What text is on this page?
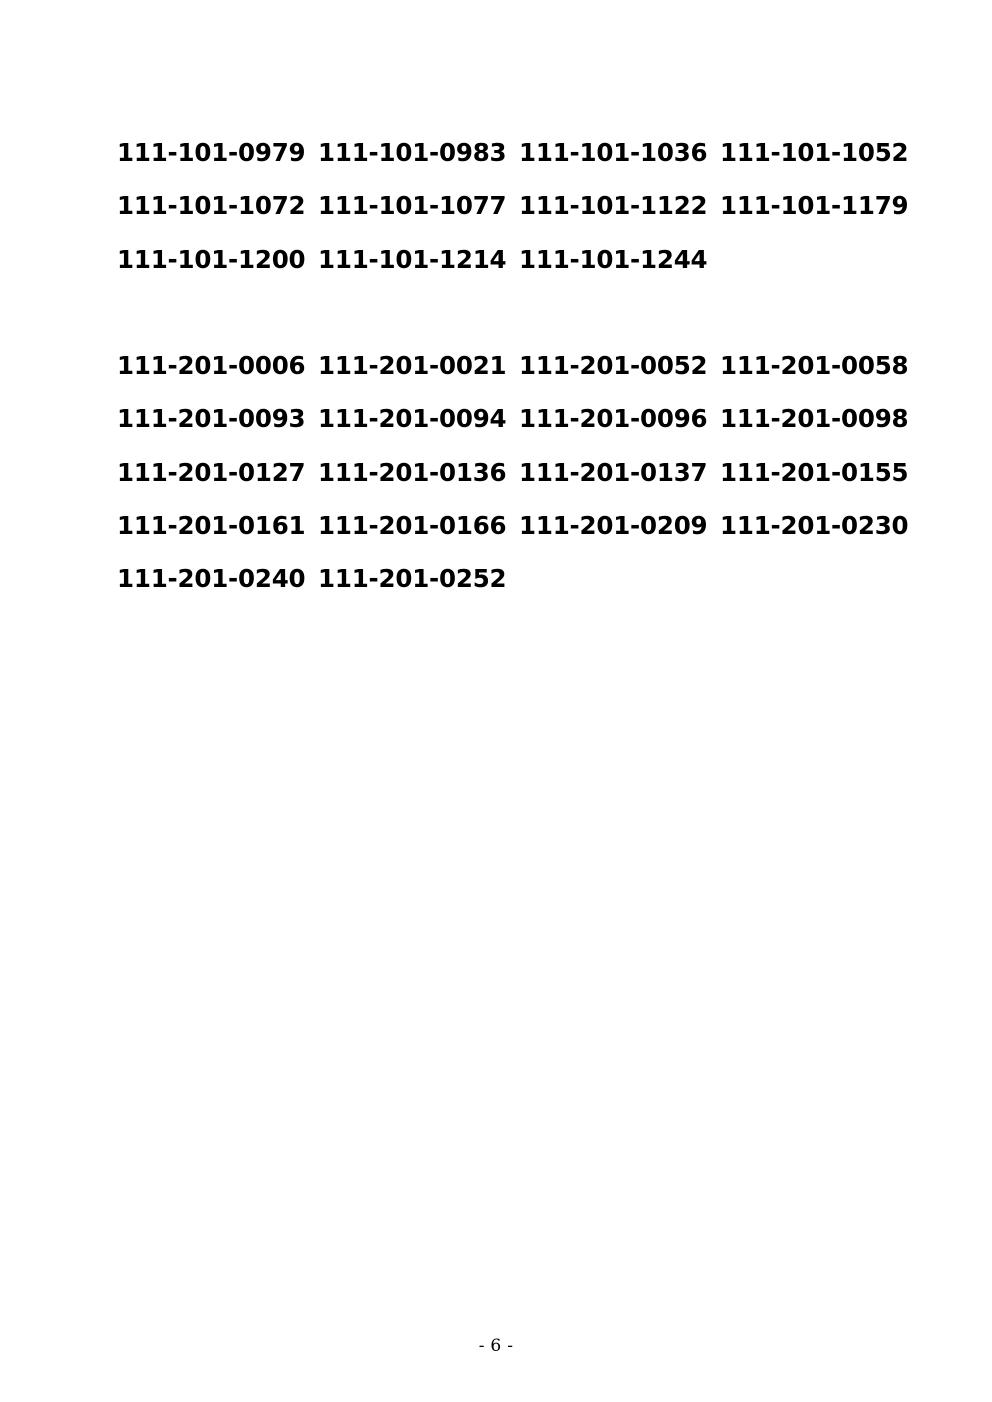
111-101-0979 111-101-0983 111-101-1036 111-101-1052
111-101-1072 111-101-1077 111-101-1122 111-101-1179
111-101-1200 111-101-1214 111-101-1244
111-201-0006 111-201-0021 111-201-0052 111-201-0058
111-201-0093 111-201-0094 111-201-0096 111-201-0098
111-201-0127 111-201-0136 111-201-0137 111-201-0155
111-201-0161 111-201-0166 111-201-0209 111-201-0230
111-201-0240 111-201-0252
- 6 -
